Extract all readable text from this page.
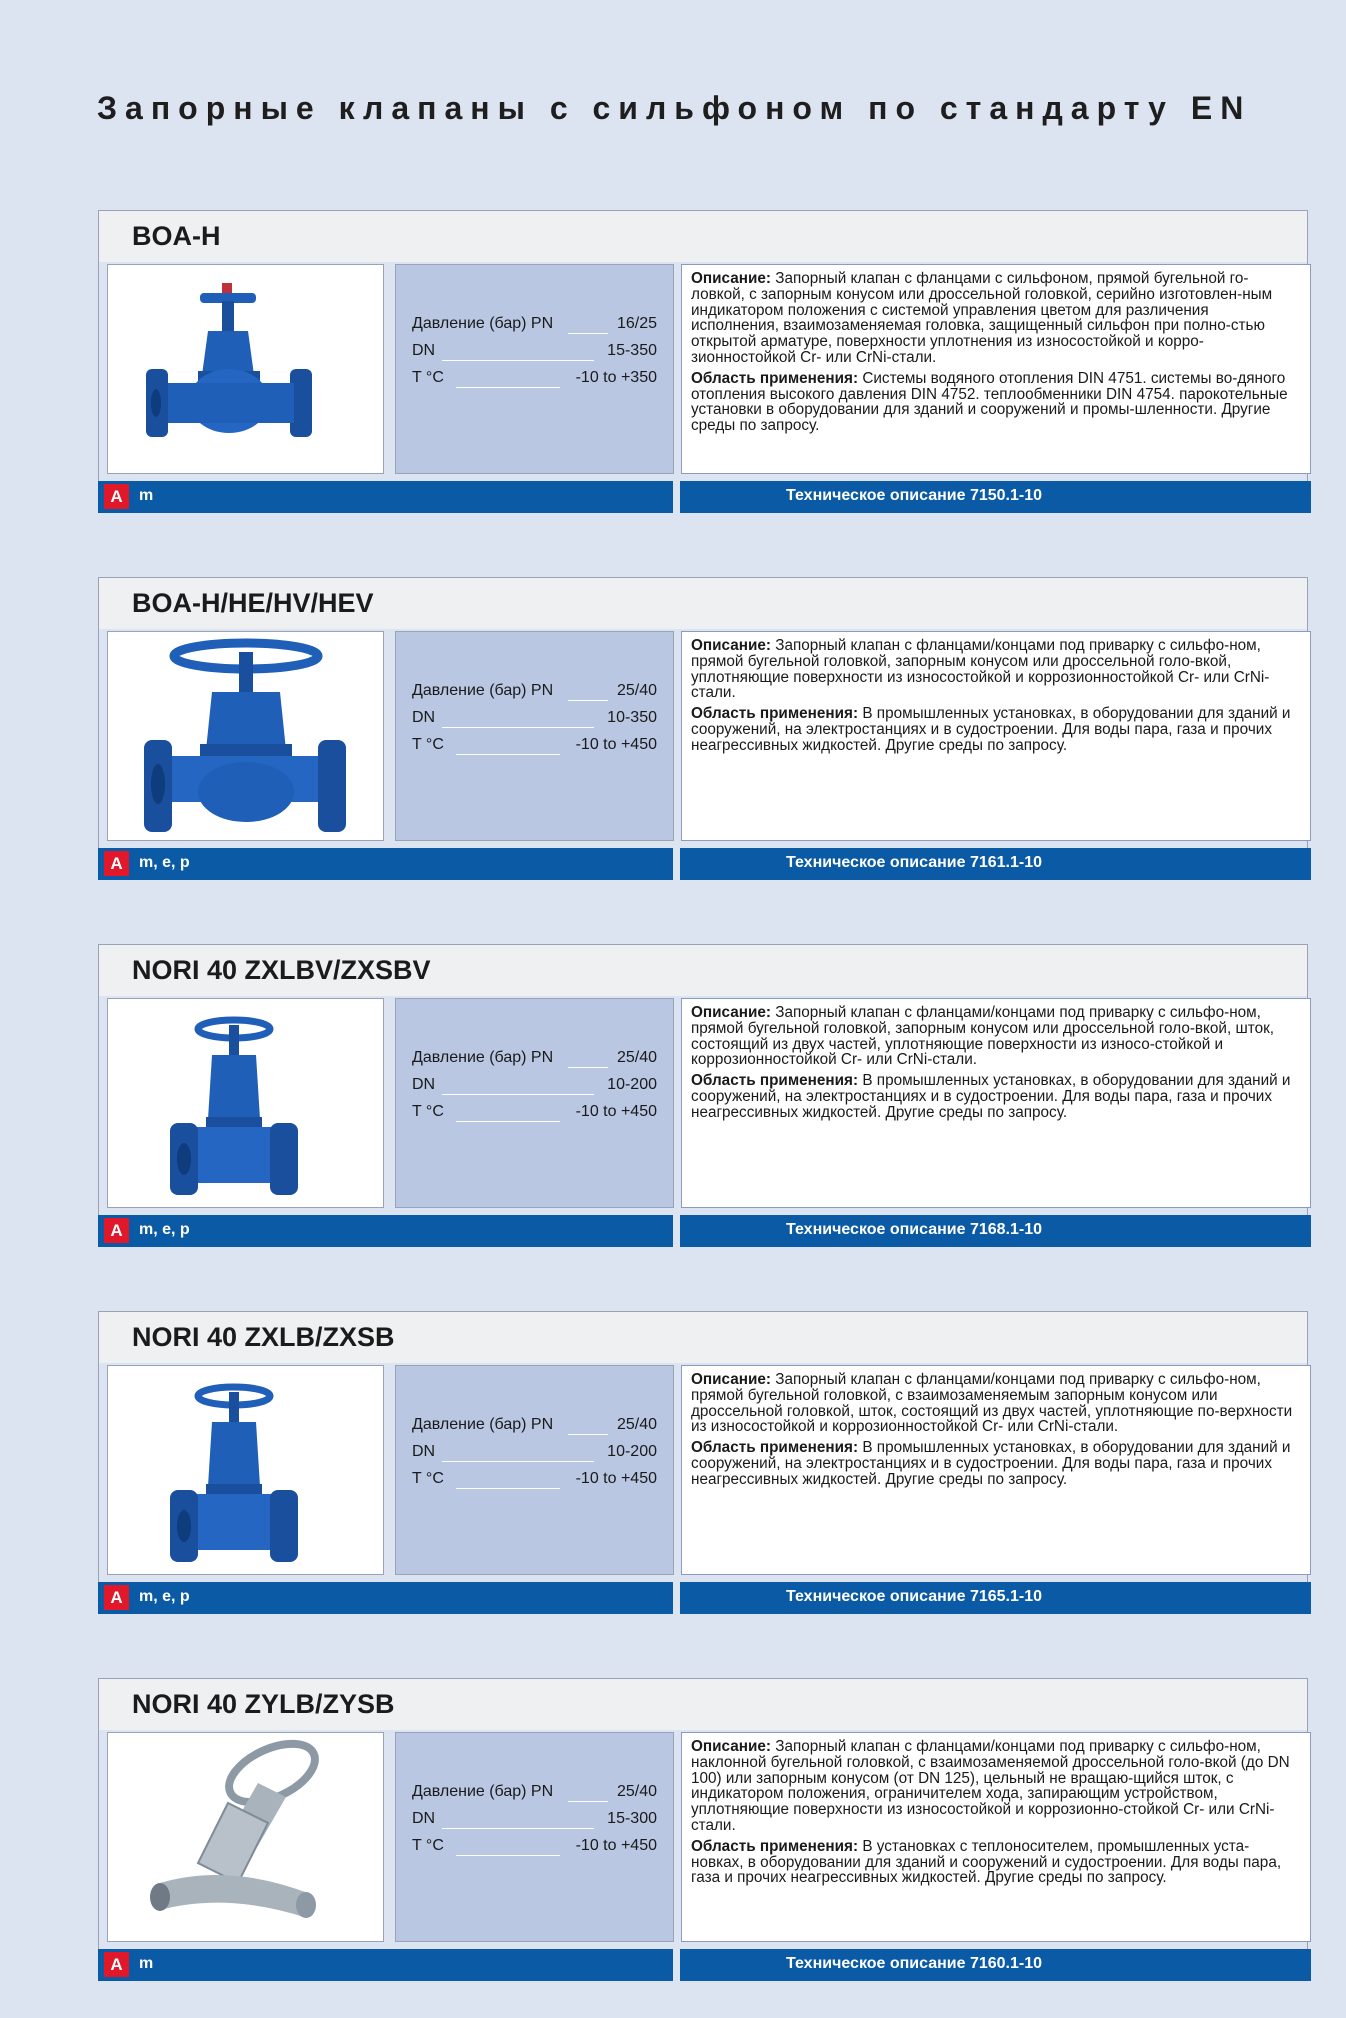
Запорные клапаны с сильфоном по стандарту EN
BOA-H
Давление (бар) PN	16/25
DN	15-350
T °C	-10 to +350

Описание: Запорный клапан с фланцами с сильфоном, прямой бугельной го-ловкой, с запорным конусом или дроссельной головкой, серийно изготовлен-ным индикатором положения с системой управления цветом для различения исполнения, взаимозаменяемая головка, защищенный сильфон при полно-стью открытой арматуре, поверхности уплотнения из износостойкой и корро-зионностойкой Cr- или CrNi-стали.

Область применения: Системы водяного отопления DIN 4751. системы во-дяного отопления высокого давления DIN 4752. теплообменники DIN 4754. парокотельные установки в оборудовании для зданий и сооружений и промы-шленности. Другие среды по запросу.

A	m	Техническое описание 7150.1-10
BOA-H/HE/HV/HEV
Давление (бар) PN	25/40
DN	10-350
T °C	-10 to +450

Описание: Запорный клапан с фланцами/концами под приварку с сильфо-ном, прямой бугельной головкой, запорным конусом или дроссельной голо-вкой, уплотняющие поверхности из износостойкой и коррозионностойкой Cr- или CrNi-стали.

Область применения: В промышленных установках, в оборудовании для зданий и сооружений, на электростанциях и в судостроении. Для воды пара, газа и прочих неагрессивных жидкостей. Другие среды по запросу.

A	m, e, p	Техническое описание 7161.1-10
NORI 40 ZXLBV/ZXSBV
Давление (бар) PN	25/40
DN	10-200
T °C	-10 to +450

Описание: Запорный клапан с фланцами/концами под приварку с сильфо-ном, прямой бугельной головкой, запорным конусом или дроссельной голо-вкой, шток, состоящий из двух частей, уплотняющие поверхности из износо-стойкой и коррозионностойкой Cr- или CrNi-стали.

Область применения: В промышленных установках, в оборудовании для зданий и сооружений, на электростанциях и в судостроении. Для воды пара, газа и прочих неагрессивных жидкостей. Другие среды по запросу.

A	m, e, p	Техническое описание 7168.1-10
NORI 40 ZXLB/ZXSB
Давление (бар) PN	25/40
DN	10-200
T °C	-10 to +450

Описание: Запорный клапан с фланцами/концами под приварку с сильфо-ном, прямой бугельной головкой, с взаимозаменяемым запорным конусом или дроссельной головкой, шток, состоящий из двух частей, уплотняющие по-верхности из износостойкой и коррозионностойкой Cr- или CrNi-стали.

Область применения: В промышленных установках, в оборудовании для зданий и сооружений, на электростанциях и в судостроении. Для воды пара, газа и прочих неагрессивных жидкостей. Другие среды по запросу.

A	m, e, p	Техническое описание 7165.1-10
NORI 40 ZYLB/ZYSB
Давление (бар) PN	25/40
DN	15-300
T °C	-10 to +450

Описание: Запорный клапан с фланцами/концами под приварку с сильфо-ном, наклонной бугельной головкой, с взаимозаменяемой дроссельной голо-вкой (до DN 100) или запорным конусом (от DN 125), цельный не вращаю-щийся шток, с индикатором положения, ограничителем хода, запирающим устройством, уплотняющие поверхности из износостойкой и коррозионно-стойкой Cr- или CrNi-стали.

Область применения: В установках с теплоносителем, промышленных уста-новках, в оборудовании для зданий и сооружений и судостроении. Для воды пара, газа и прочих неагрессивных жидкостей. Другие среды по запросу.

A	m	Техническое описание 7160.1-10
